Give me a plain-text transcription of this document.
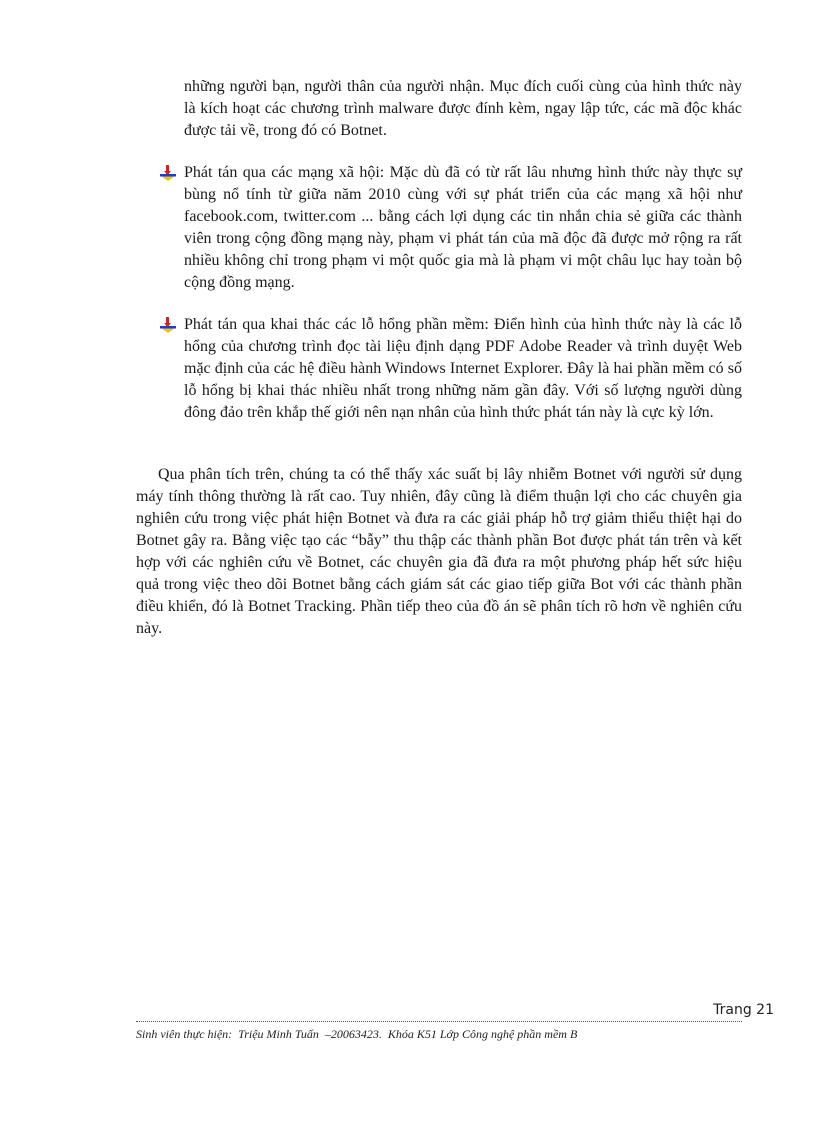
những người bạn, người thân của người nhận. Mục đích cuối cùng của hình thức này là kích hoạt các chương trình malware được đính kèm, ngay lập tức, các mã độc khác được tải về, trong đó có Botnet.

Phát tán qua các mạng xã hội: Mặc dù đã có từ rất lâu nhưng hình thức này thực sự bùng nổ tính từ giữa năm 2010 cùng với sự phát triển của các mạng xã hội như facebook.com, twitter.com ... bằng cách lợi dụng các tin nhắn chia sẻ giữa các thành viên trong cộng đồng mạng này, phạm vi phát tán của mã độc đã được mở rộng ra rất nhiều không chỉ trong phạm vi một quốc gia mà là phạm vi một châu lục hay toàn bộ cộng đồng mạng.
Phát tán qua khai thác các lỗ hổng phần mềm: Điển hình của hình thức này là các lỗ hổng của chương trình đọc tài liệu định dạng PDF Adobe Reader và trình duyệt Web mặc định của các hệ điều hành Windows Internet Explorer. Đây là hai phần mềm có số lỗ hổng bị khai thác nhiều nhất trong những năm gần đây. Với số lượng người dùng đông đảo trên khắp thế giới nên nạn nhân của hình thức phát tán này là cực kỳ lớn.

Qua phân tích trên, chúng ta có thể thấy xác suất bị lây nhiễm Botnet với người sử dụng máy tính thông thường là rất cao. Tuy nhiên, đây cũng là điểm thuận lợi cho các chuyên gia nghiên cứu trong việc phát hiện Botnet và đưa ra các giải pháp hỗ trợ giảm thiểu thiệt hại do Botnet gây ra. Bằng việc tạo các “bẫy” thu thập các thành phần Bot được phát tán trên và kết hợp với các nghiên cứu về Botnet, các chuyên gia đã đưa ra một phương pháp hết sức hiệu quả trong việc theo dõi Botnet bằng cách giám sát các giao tiếp giữa Bot với các thành phần điều khiển, đó là Botnet Tracking. Phần tiếp theo của đồ án sẽ phân tích rõ hơn về nghiên cứu này.

Trang 21
Sinh viên thực hiện:  Triệu Minh Tuấn  –20063423.  Khóa K51 Lớp Công nghệ phần mềm B
